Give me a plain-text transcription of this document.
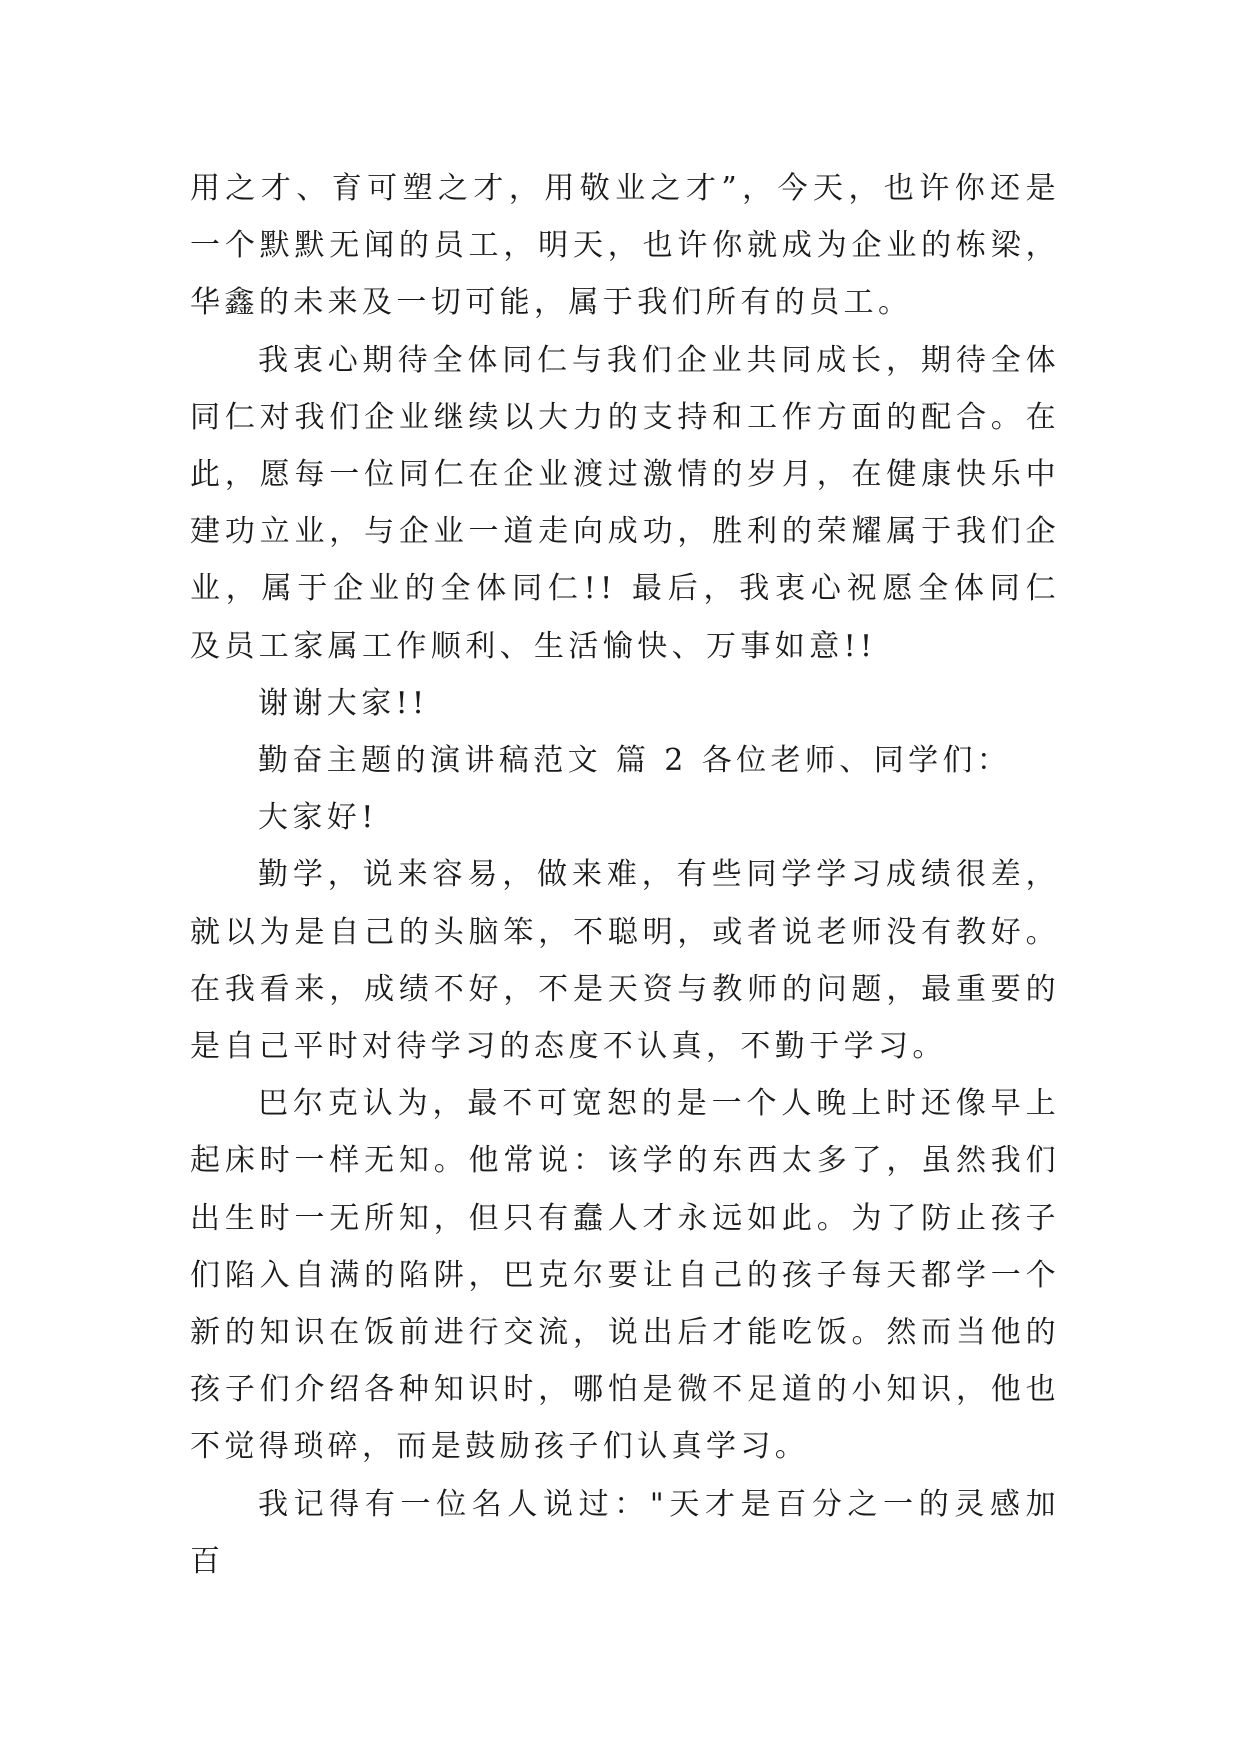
用之才、育可塑之才，用敬业之才”，今天，也许你还是一个默默无闻的员工，明天，也许你就成为企业的栋梁，华鑫的未来及一切可能，属于我们所有的员工。

我衷心期待全体同仁与我们企业共同成长，期待全体同仁对我们企业继续以大力的支持和工作方面的配合。在此，愿每一位同仁在企业渡过激情的岁月，在健康快乐中建功立业，与企业一道走向成功，胜利的荣耀属于我们企业，属于企业的全体同仁!! 最后，我衷心祝愿全体同仁及员工家属工作顺利、生活愉快、万事如意!!

谢谢大家!!

勤奋主题的演讲稿范文 篇 2 各位老师、同学们：

大家好!

勤学，说来容易，做来难，有些同学学习成绩很差，就以为是自己的头脑笨，不聪明，或者说老师没有教好。在我看来，成绩不好，不是天资与教师的问题，最重要的是自己平时对待学习的态度不认真，不勤于学习。

巴尔克认为，最不可宽恕的是一个人晚上时还像早上起床时一样无知。他常说：该学的东西太多了，虽然我们出生时一无所知，但只有蠢人才永远如此。为了防止孩子们陷入自满的陷阱，巴克尔要让自己的孩子每天都学一个新的知识在饭前进行交流，说出后才能吃饭。然而当他的孩子们介绍各种知识时，哪怕是微不足道的小知识，他也不觉得琐碎，而是鼓励孩子们认真学习。

我记得有一位名人说过："天才是百分之一的灵感加百
